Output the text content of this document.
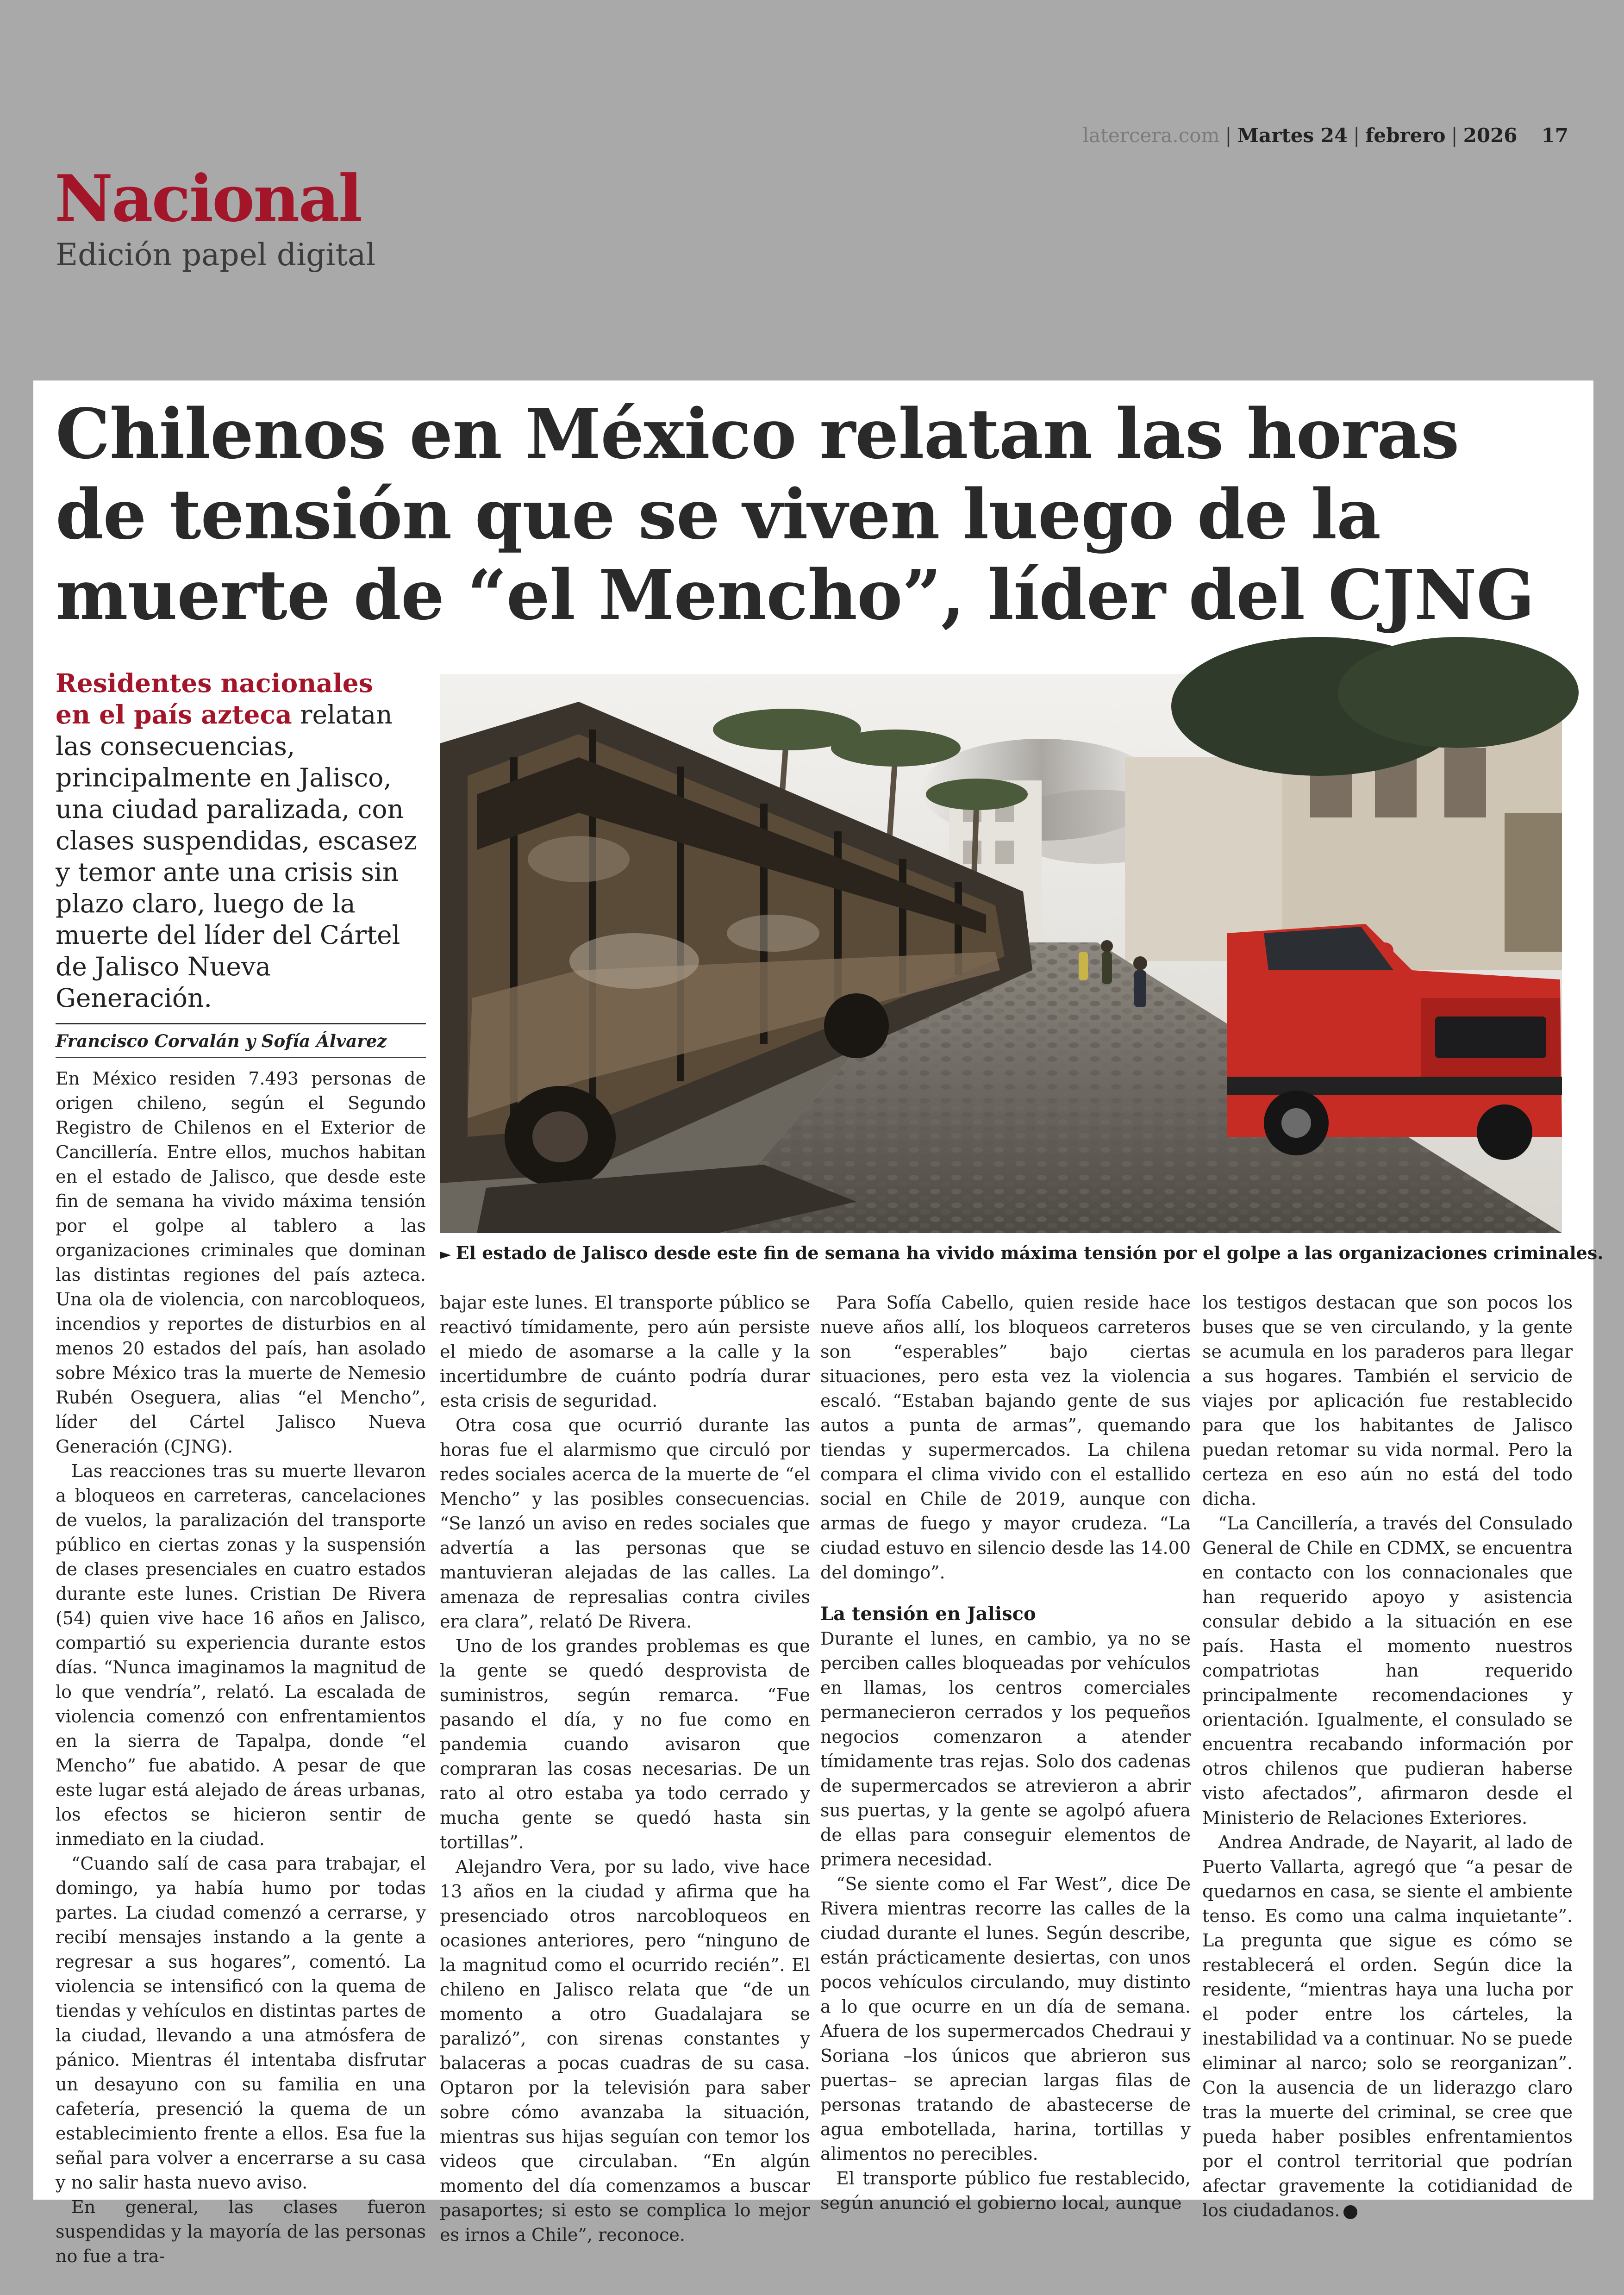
latercera.com | Martes 24 | febrero | 2026 17
Nacional
Edición papel digital
Chilenos en México relatan las horas
de tensión que se viven luego de la
muerte de “el Mencho”, líder del CJNG
Residentes nacionales
en el país azteca relatan las consecuencias, principalmente en Jalisco, una ciudad paralizada, con clases suspendidas, escasez y temor ante una crisis sin plazo claro, luego de la muerte del líder del Cártel de Jalisco Nueva Generación.
Francisco Corvalán y Sofía Álvarez
► El estado de Jalisco desde este fin de semana ha vivido máxima tensión por el golpe a las organizaciones criminales.

En México residen 7.493 personas de origen chileno, según el Segundo Registro de Chilenos en el Exterior de Cancillería. Entre ellos, muchos habitan en el estado de Jalisco, que desde este fin de semana ha vivido máxima tensión por el golpe al tablero a las organizaciones criminales que dominan las distintas regiones del país azteca. Una ola de violencia, con narcobloqueos, incendios y reportes de disturbios en al menos 20 estados del país, han asolado sobre México tras la muerte de Nemesio Rubén Oseguera, alias “el Mencho”, líder del Cártel Jalisco Nueva Generación (CJNG).

Las reacciones tras su muerte llevaron a bloqueos en carreteras, cancelaciones de vuelos, la paralización del transporte público en ciertas zonas y la suspensión de clases presenciales en cuatro estados durante este lunes. Cristian De Rivera (54) quien vive hace 16 años en Jalisco, compartió su experiencia durante estos días. “Nunca imaginamos la magnitud de lo que vendría”, relató. La escalada de violencia comenzó con enfrentamientos en la sierra de Tapalpa, donde “el Mencho” fue abatido. A pesar de que este lugar está alejado de áreas urbanas, los efectos se hicieron sentir de inmediato en la ciudad.

“Cuando salí de casa para trabajar, el domingo, ya había humo por todas partes. La ciudad comenzó a cerrarse, y recibí mensajes instando a la gente a regresar a sus hogares”, comentó. La violencia se intensificó con la quema de tiendas y vehículos en distintas partes de la ciudad, llevando a una atmósfera de pánico. Mientras él intentaba disfrutar un desayuno con su familia en una cafetería, presenció la quema de un establecimiento frente a ellos. Esa fue la señal para volver a encerrarse a su casa y no salir hasta nuevo aviso.

En general, las clases fueron suspendidas y la mayoría de las personas no fue a tra-

bajar este lunes. El transporte público se reactivó tímidamente, pero aún persiste el miedo de asomarse a la calle y la incertidumbre de cuánto podría durar esta crisis de seguridad.

Otra cosa que ocurrió durante las horas fue el alarmismo que circuló por redes sociales acerca de la muerte de “el Mencho” y las posibles consecuencias. “Se lanzó un aviso en redes sociales que advertía a las personas que se mantuvieran alejadas de las calles. La amenaza de represalias contra civiles era clara”, relató De Rivera.

Uno de los grandes problemas es que la gente se quedó desprovista de suministros, según remarca. “Fue pasando el día, y no fue como en pandemia cuando avisaron que compraran las cosas necesarias. De un rato al otro estaba ya todo cerrado y mucha gente se quedó hasta sin tortillas”.

Alejandro Vera, por su lado, vive hace 13 años en la ciudad y afirma que ha presenciado otros narcobloqueos en ocasiones anteriores, pero “ninguno de la magnitud como el ocurrido recién”. El chileno en Jalisco relata que “de un momento a otro Guadalajara se paralizó”, con sirenas constantes y balaceras a pocas cuadras de su casa. Optaron por la televisión para saber sobre cómo avanzaba la situación, mientras sus hijas seguían con temor los videos que circulaban. “En algún momento del día comenzamos a buscar pasaportes; si esto se complica lo mejor es irnos a Chile”, reconoce.

Para Sofía Cabello, quien reside hace nueve años allí, los bloqueos carreteros son “esperables” bajo ciertas situaciones, pero esta vez la violencia escaló. “Estaban bajando gente de sus autos a punta de armas”, quemando tiendas y supermercados. La chilena compara el clima vivido con el estallido social en Chile de 2019, aunque con armas de fuego y mayor crudeza. “La ciudad estuvo en silencio desde las 14.00 del domingo”.

La tensión en Jalisco

Durante el lunes, en cambio, ya no se perciben calles bloqueadas por vehículos en llamas, los centros comerciales permanecieron cerrados y los pequeños negocios comenzaron a atender tímidamente tras rejas. Solo dos cadenas de supermercados se atrevieron a abrir sus puertas, y la gente se agolpó afuera de ellas para conseguir elementos de primera necesidad.

“Se siente como el Far West”, dice De Rivera mientras recorre las calles de la ciudad durante el lunes. Según describe, están prácticamente desiertas, con unos pocos vehículos circulando, muy distinto a lo que ocurre en un día de semana. Afuera de los supermercados Chedraui y Soriana –los únicos que abrieron sus puertas– se aprecian largas filas de personas tratando de abastecerse de agua embotellada, harina, tortillas y alimentos no perecibles.

El transporte público fue restablecido, según anunció el gobierno local, aunque

los testigos destacan que son pocos los buses que se ven circulando, y la gente se acumula en los paraderos para llegar a sus hogares. También el servicio de viajes por aplicación fue restablecido para que los habitantes de Jalisco puedan retomar su vida normal. Pero la certeza en eso aún no está del todo dicha.

“La Cancillería, a través del Consulado General de Chile en CDMX, se encuentra en contacto con los connacionales que han requerido apoyo y asistencia consular debido a la situación en ese país. Hasta el momento nuestros compatriotas han requerido principalmente recomendaciones y orientación. Igualmente, el consulado se encuentra recabando información por otros chilenos que pudieran haberse visto afectados”, afirmaron desde el Ministerio de Relaciones Exteriores.

Andrea Andrade, de Nayarit, al lado de Puerto Vallarta, agregó que “a pesar de quedarnos en casa, se siente el ambiente tenso. Es como una calma inquietante”. La pregunta que sigue es cómo se restablecerá el orden. Según dice la residente, “mientras haya una lucha por el poder entre los cárteles, la inestabilidad va a continuar. No se puede eliminar al narco; solo se reorganizan”. Con la ausencia de un liderazgo claro tras la muerte del criminal, se cree que pueda haber posibles enfrentamientos por el control territorial que podrían afectar gravemente la cotidianidad de los ciudadanos.
